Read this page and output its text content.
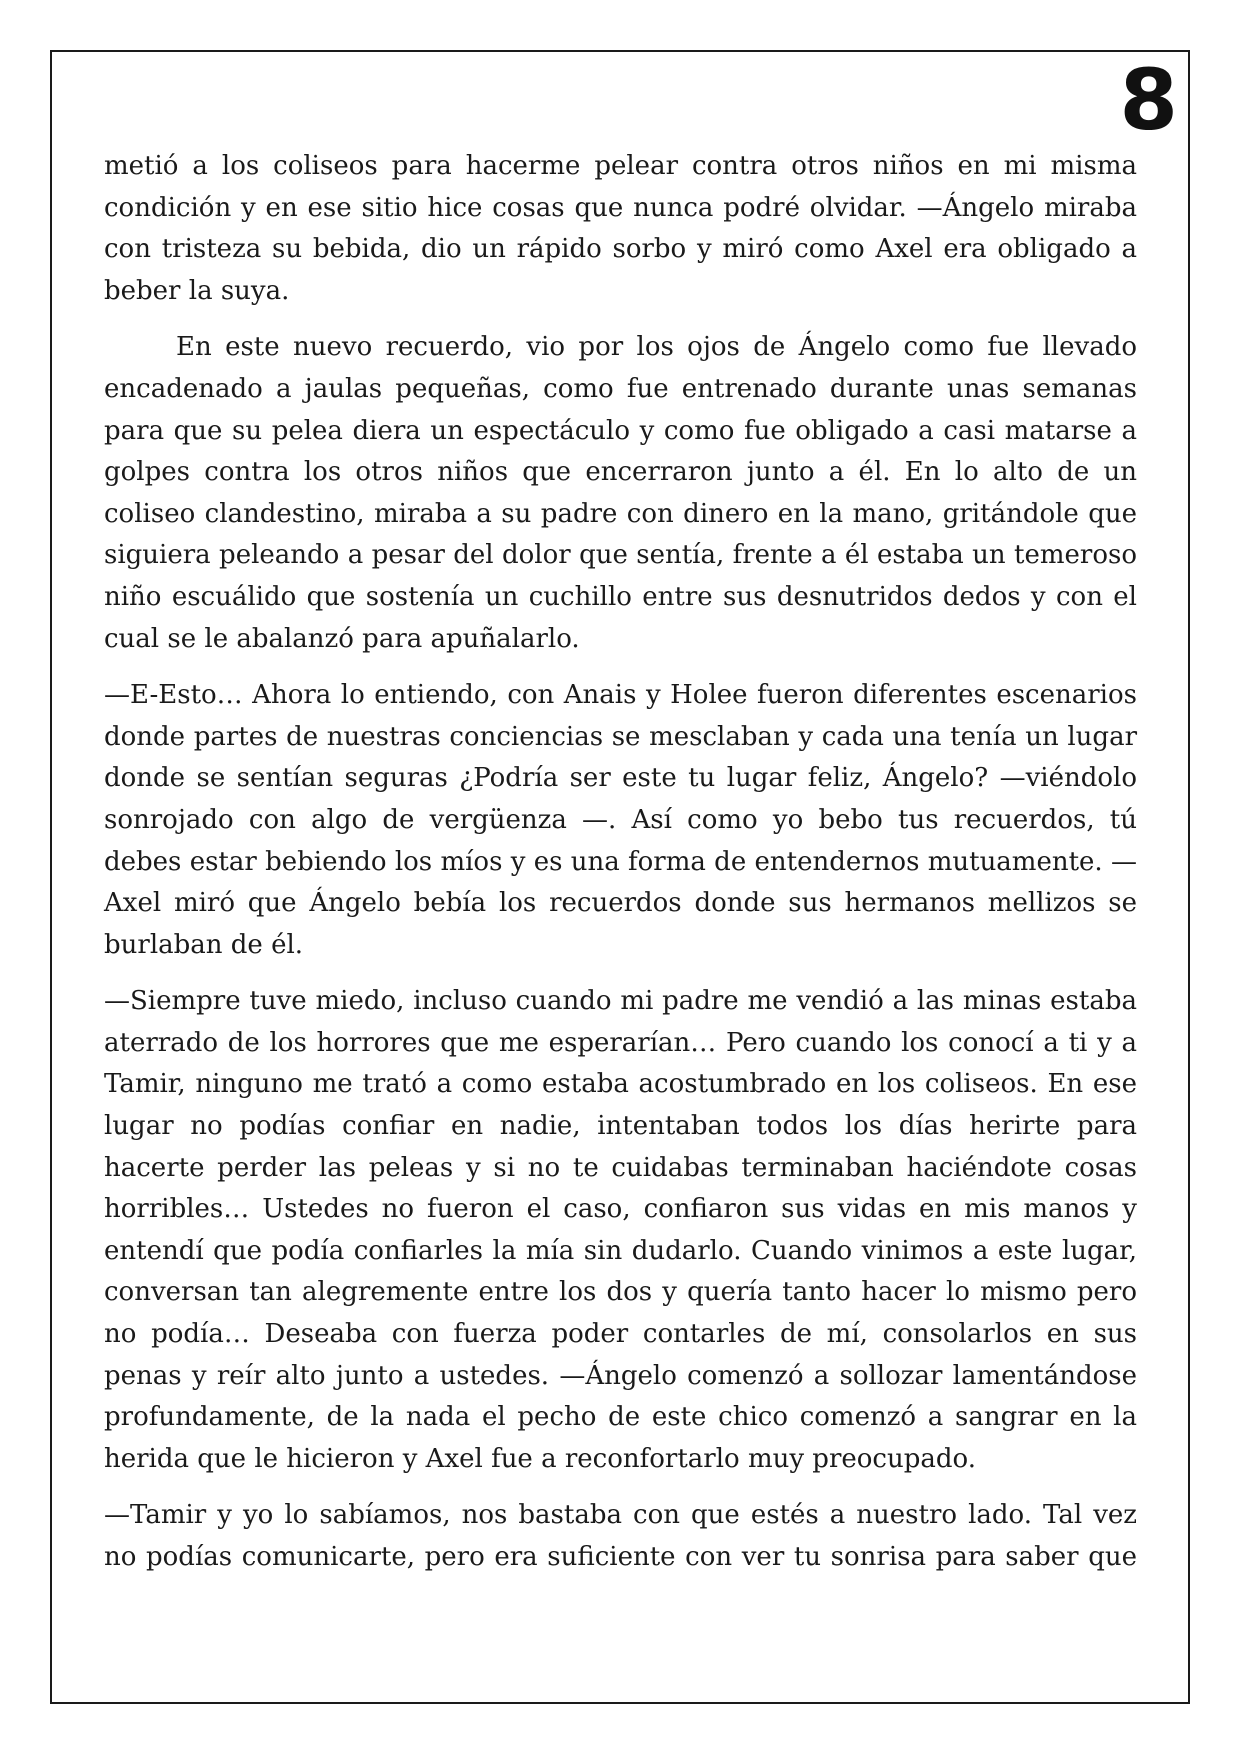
8

metió a los coliseos para hacerme pelear contra otros niños en mi misma condición y en ese sitio hice cosas que nunca podré olvidar. —Ángelo miraba con tristeza su bebida, dio un rápido sorbo y miró como Axel era obligado a beber la suya.

En este nuevo recuerdo, vio por los ojos de Ángelo como fue llevado encadenado a jaulas pequeñas, como fue entrenado durante unas semanas para que su pelea diera un espectáculo y como fue obligado a casi matarse a golpes contra los otros niños que encerraron junto a él. En lo alto de un coliseo clandestino, miraba a su padre con dinero en la mano, gritándole que siguiera peleando a pesar del dolor que sentía, frente a él estaba un temeroso niño escuálido que sostenía un cuchillo entre sus desnutridos dedos y con el cual se le abalanzó para apuñalarlo.

—E-Esto… Ahora lo entiendo, con Anais y Holee fueron diferentes escenarios donde partes de nuestras conciencias se mesclaban y cada una tenía un lugar donde se sentían seguras ¿Podría ser este tu lugar feliz, Ángelo? —viéndolo sonrojado con algo de vergüenza —. Así como yo bebo tus recuerdos, tú debes estar bebiendo los míos y es una forma de entendernos mutuamente. —Axel miró que Ángelo bebía los recuerdos donde sus hermanos mellizos se burlaban de él.

—Siempre tuve miedo, incluso cuando mi padre me vendió a las minas estaba aterrado de los horrores que me esperarían… Pero cuando los conocí a ti y a Tamir, ninguno me trató a como estaba acostumbrado en los coliseos. En ese lugar no podías confiar en nadie, intentaban todos los días herirte para hacerte perder las peleas y si no te cuidabas terminaban haciéndote cosas horribles… Ustedes no fueron el caso, confiaron sus vidas en mis manos y entendí que podía confiarles la mía sin dudarlo. Cuando vinimos a este lugar, conversan tan alegremente entre los dos y quería tanto hacer lo mismo pero no podía… Deseaba con fuerza poder contarles de mí, consolarlos en sus penas y reír alto junto a ustedes. —Ángelo comenzó a sollozar lamentándose profundamente, de la nada el pecho de este chico comenzó a sangrar en la herida que le hicieron y Axel fue a reconfortarlo muy preocupado.

—Tamir y yo lo sabíamos, nos bastaba con que estés a nuestro lado. Tal vez no podías comunicarte, pero era suficiente con ver tu sonrisa para saber que
